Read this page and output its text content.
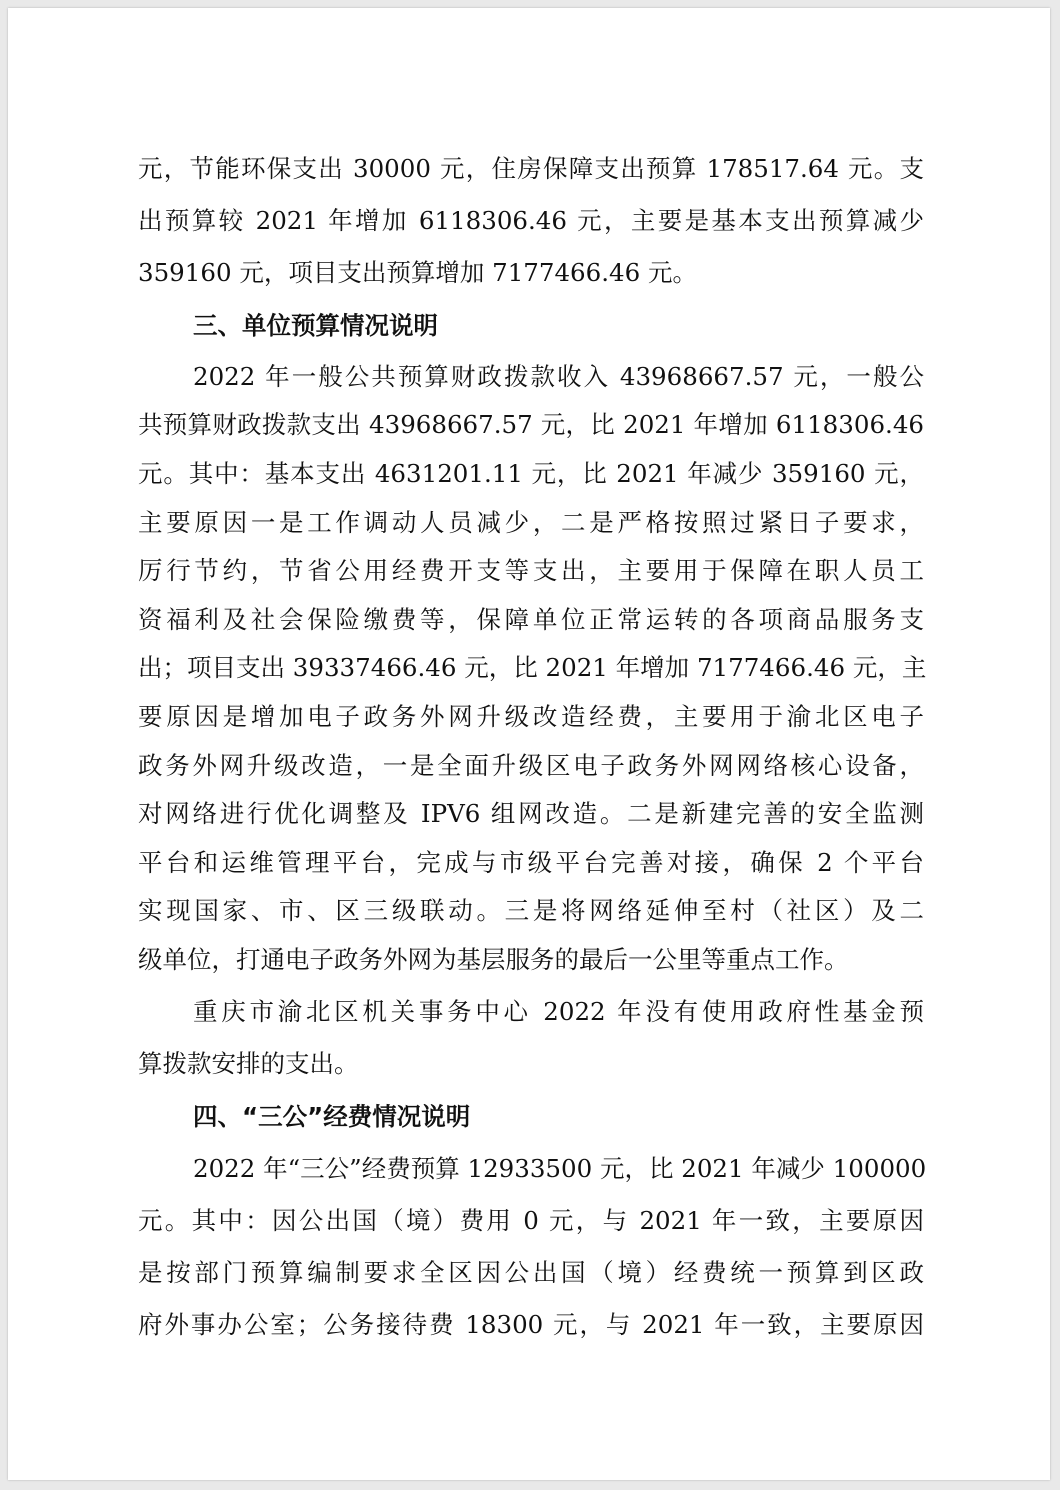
元，节能环保支出 30000 元，住房保障支出预算 178517.64 元。支
出预算较 2021 年增加 6118306.46 元，主要是基本支出预算减少
359160 元，项目支出预算增加 7177466.46 元。
三、单位预算情况说明
2022 年一般公共预算财政拨款收入 43968667.57 元，一般公
共预算财政拨款支出 43968667.57 元，比 2021 年增加 6118306.46
元。其中：基本支出 4631201.11 元，比 2021 年减少 359160 元，
主要原因一是工作调动人员减少，二是严格按照过紧日子要求，
厉行节约，节省公用经费开支等支出，主要用于保障在职人员工
资福利及社会保险缴费等，保障单位正常运转的各项商品服务支
出；项目支出 39337466.46 元，比 2021 年增加 7177466.46 元，主
要原因是增加电子政务外网升级改造经费，主要用于渝北区电子
政务外网升级改造，一是全面升级区电子政务外网网络核心设备，
对网络进行优化调整及 IPV6 组网改造。二是新建完善的安全监测
平台和运维管理平台，完成与市级平台完善对接，确保 2 个平台
实现国家、市、区三级联动。三是将网络延伸至村（社区）及二
级单位，打通电子政务外网为基层服务的最后一公里等重点工作。
重庆市渝北区机关事务中心 2022 年没有使用政府性基金预
算拨款安排的支出。
四、“三公”经费情况说明
2022 年“三公”经费预算 12933500 元，比 2021 年减少 100000
元。其中：因公出国（境）费用 0 元，与 2021 年一致，主要原因
是按部门预算编制要求全区因公出国（境）经费统一预算到区政
府外事办公室；公务接待费 18300 元，与 2021 年一致，主要原因
